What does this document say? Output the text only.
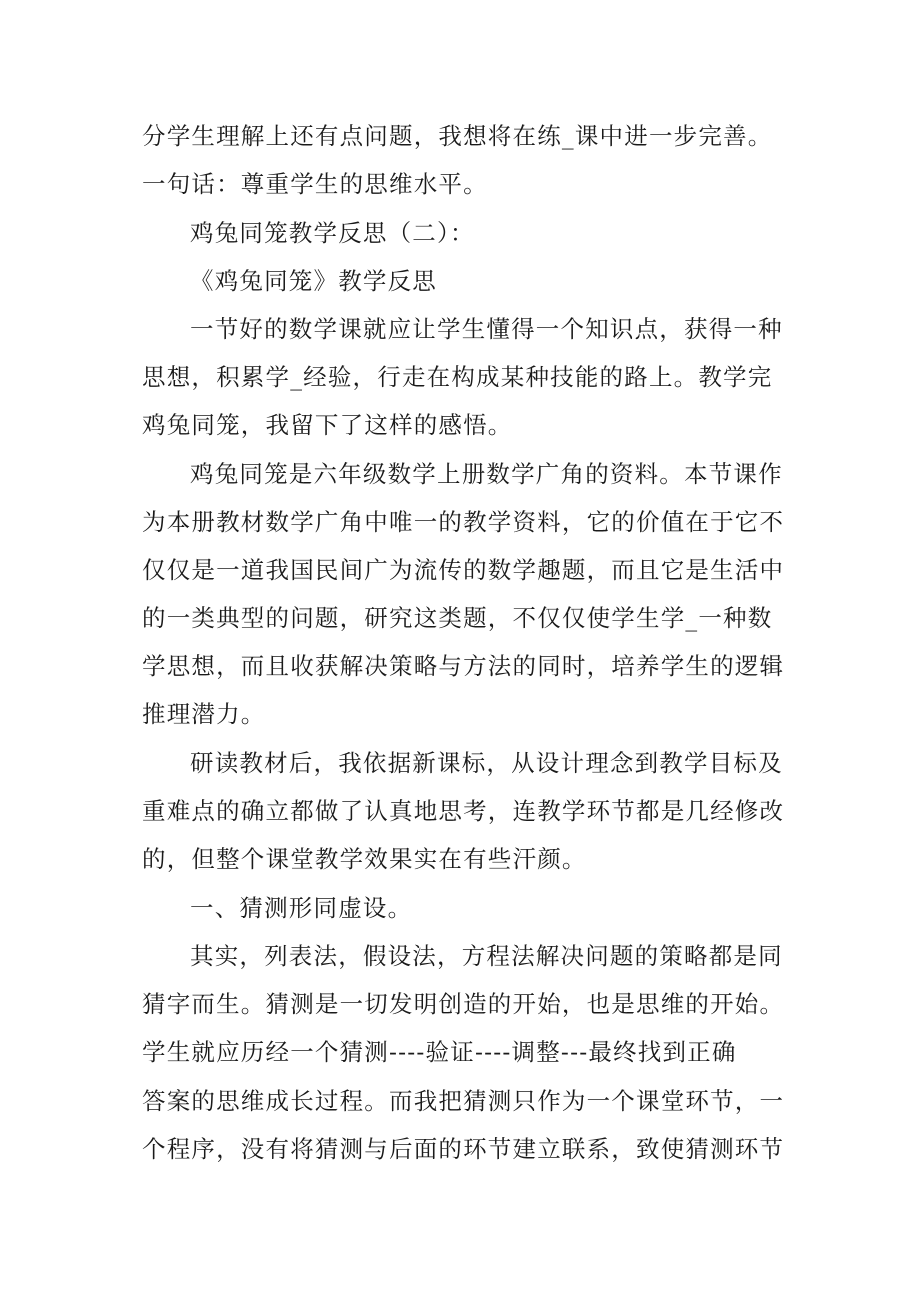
分学生理解上还有点问题，我想将在练_课中进一步完善。
一句话：尊重学生的思维水平。
鸡兔同笼教学反思（二）：
《鸡兔同笼》教学反思
一节好的数学课就应让学生懂得一个知识点，获得一种
思想，积累学_经验，行走在构成某种技能的路上。教学完
鸡兔同笼，我留下了这样的感悟。
鸡兔同笼是六年级数学上册数学广角的资料。本节课作
为本册教材数学广角中唯一的教学资料，它的价值在于它不
仅仅是一道我国民间广为流传的数学趣题，而且它是生活中
的一类典型的问题，研究这类题，不仅仅使学生学_一种数
学思想，而且收获解决策略与方法的同时，培养学生的逻辑
推理潜力。
研读教材后，我依据新课标，从设计理念到教学目标及
重难点的确立都做了认真地思考，连教学环节都是几经修改
的，但整个课堂教学效果实在有些汗颜。
一、猜测形同虚设。
其实，列表法，假设法，方程法解决问题的策略都是同
猜字而生。猜测是一切发明创造的开始，也是思维的开始。
学生就应历经一个猜测----验证----调整---最终找到正确
答案的思维成长过程。而我把猜测只作为一个课堂环节，一
个程序，没有将猜测与后面的环节建立联系，致使猜测环节
